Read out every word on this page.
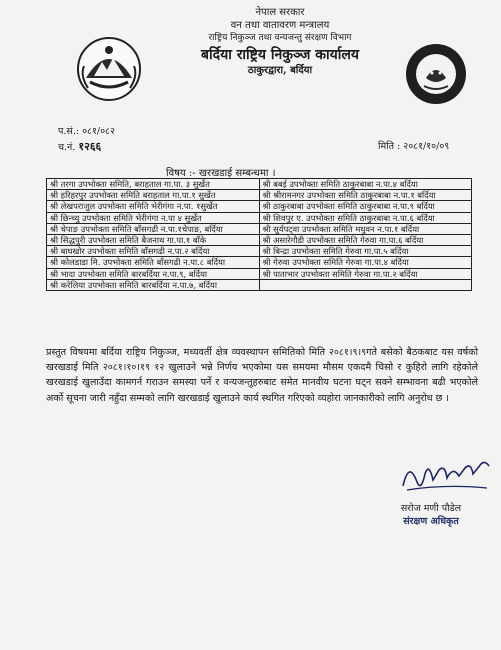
नेपाल सरकार
वन तथा वातावरण मन्त्रालय
राष्ट्रिय निकुञ्ज तथा वन्यजन्तु संरक्षण विभाग
बर्दिया राष्ट्रिय निकुञ्ज कार्यालय
ठाकुरद्वारा, बर्दिया
प.सं.: ०८१/०८२
च.नं. १२६६	मिति : २०८१/१०/०९
विषय :- खरखडाई सम्बन्धमा ।
श्री तरगा उपभोक्ता समिति, बराहताल गा.पा. ३ सुर्खेत	श्री बबई उपभोक्ता समिति ठाकुरबाबा न.पा.४ बर्दिया
श्री हरिहरपुर उपभोक्ता समिति बराहताल गा.पा.१ सुर्खेत	श्री श्रीरामनगर उपभोक्ता समिति ठाकुरबाबा न.पा.१ बर्दिया
श्री लेखपराजुल उपभोक्ता समिति भेरीगंगा न.पा. १सुर्खेत	श्री ठाकुरबाबा उपभोक्ता समिति ठाकुरबाबा न.पा.९ बर्दिया
श्री छिन्च्यु उपभोक्ता समिति भेरीगंगा न.पा ४ सुर्खेत	श्री शिवपुर ए. उपभोक्ता समिति ठाकुरबाबा न.पा.६ बर्दिया
श्री चेपाङ उपभोक्ता समिति बाँसगढी न.पा.१चेपाङ, बर्दिया	श्री सुर्यपट्वा उपभोक्ता समिति मधुवन न.पा.१ बर्दिया
श्री सिद्धपुरी उपभोक्ता समिति बैजनाथ गा.पा.१ बाँके	श्री असारेगौडी उपभोक्ता समिति गेरुवा गा.पा.६ बर्दिया
श्री बाघखोर उपभोक्ता समिति बाँसगढी न.पा.२ बर्दिया	श्री बिन्द्रा उपभोक्ता समिति गेरुवा गा.पा.५ बर्दिया
श्री कोलडाडा मि. उपभोक्ता समिति बाँसगढी न.पा.८ बर्दिया	श्री गेरुवा उपभोक्ता समिति गेरुवा गा.पा.४ बर्दिया
श्री भादा उपभोक्ता समिति बारबर्दिया न.पा.९, बर्दिया	श्री पाताभार उपभोक्ता समिति गेरुवा गा.पा.२ बर्दिया
श्री करेलिया उपभोक्ता समिति बारबर्दिया न.पा.७, बर्दिया	
प्रस्तुत विषयमा बर्दिया राष्ट्रिय निकुञ्ज, मध्यवर्ती क्षेत्र व्यवस्थापन समितिको मिति २०८१।९।९गते बसेको बैठकबाट यस वर्षको खरखडाई मिति २०८१।१०।१९ १२ खुलाउने भन्ने निर्णय भएकोमा यस समयमा मौसम एकदमै चिसो र कुहिरो लागि रहेकोले खरखडाई खुलाउँदा कामगर्न गराउन समस्या पर्ने र वन्यजन्तुहरुबाट समेत मानवीय घटना घट्न सक्ने सम्भावना बढी भएकोले अर्को सूचना जारी नहुँदा सम्मको लागि खरखडाई खुलाउने कार्य स्थगित गरिएको व्यहोरा जानकारीको लागि अनुरोध छ ।
सरोज मणी पौडेल
संरक्षण अधिकृत
